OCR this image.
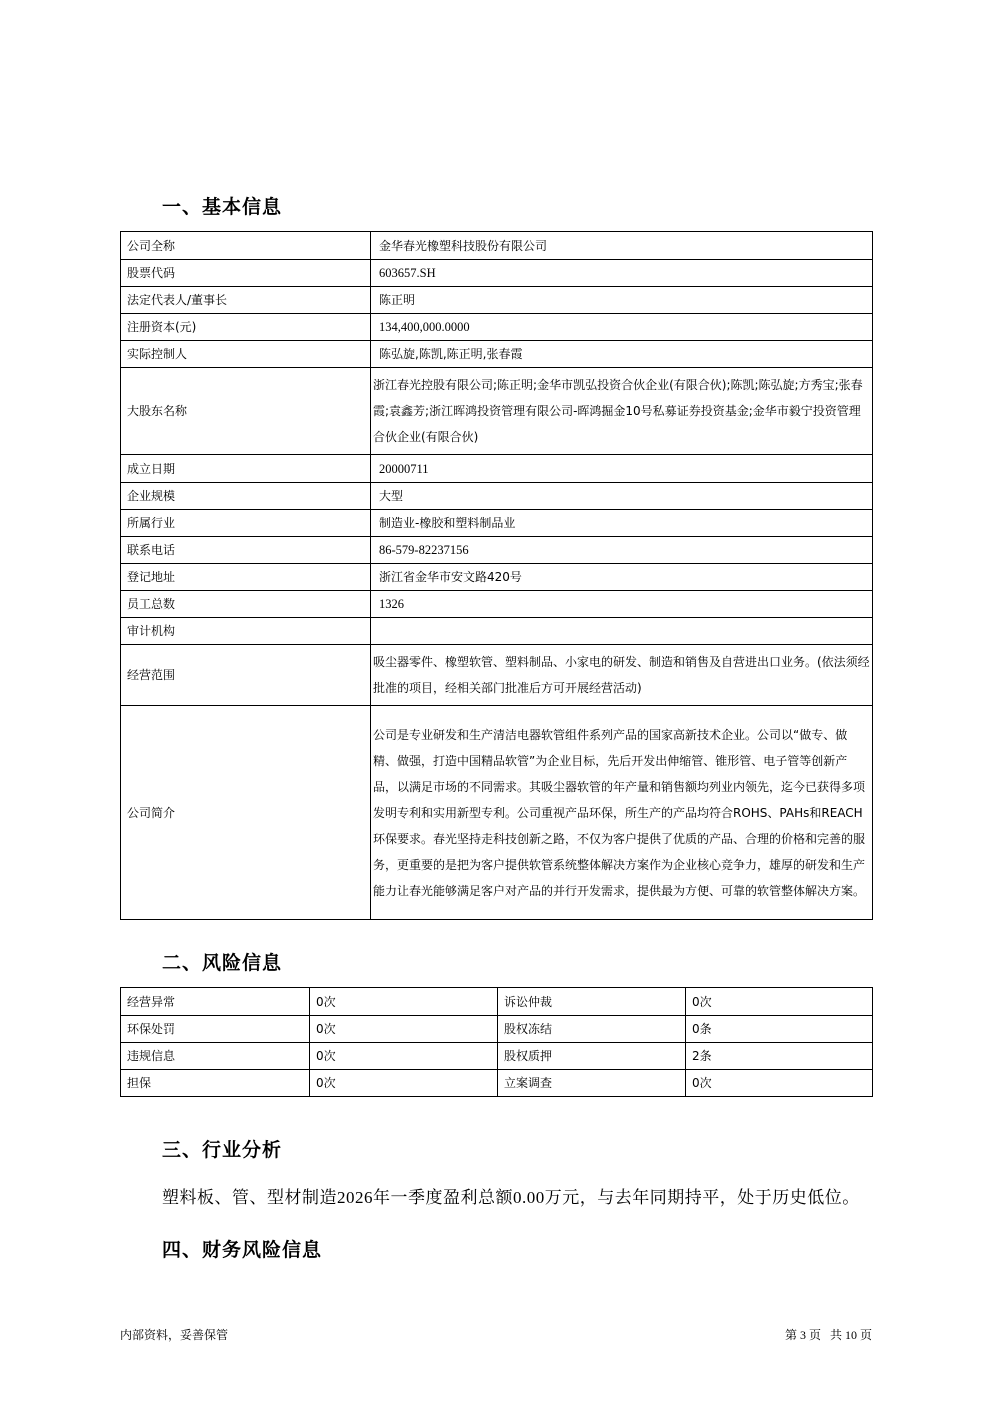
一、基本信息
公司全称	金华春光橡塑科技股份有限公司
股票代码	603657.SH
法定代表人/董事长	陈正明
注册资本(元)	134,400,000.0000
实际控制人	陈弘旋,陈凯,陈正明,张春霞
大股东名称	浙江春光控股有限公司;陈正明;金华市凯弘投资合伙企业(有限合伙);陈凯;陈弘旋;方秀宝;张春霞;袁鑫芳;浙江晖鸿投资管理有限公司-晖鸿掘金10号私募证券投资基金;金华市毅宁投资管理合伙企业(有限合伙)
成立日期	20000711
企业规模	大型
所属行业	制造业-橡胶和塑料制品业
联系电话	86-579-82237156
登记地址	浙江省金华市安文路420号
员工总数	1326
审计机构	
经营范围	吸尘器零件、橡塑软管、塑料制品、小家电的研发、制造和销售及自营进出口业务。(依法须经批准的项目，经相关部门批准后方可开展经营活动)
公司简介	公司是专业研发和生产清洁电器软管组件系列产品的国家高新技术企业。公司以“做专、做精、做强，打造中国精品软管”为企业目标，先后开发出伸缩管、锥形管、电子管等创新产品，以满足市场的不同需求。其吸尘器软管的年产量和销售额均列业内领先，迄今已获得多项发明专利和实用新型专利。公司重视产品环保，所生产的产品均符合ROHS、PAHs和REACH环保要求。春光坚持走科技创新之路，不仅为客户提供了优质的产品、合理的价格和完善的服务，更重要的是把为客户提供软管系统整体解决方案作为企业核心竞争力，雄厚的研发和生产能力让春光能够满足客户对产品的并行开发需求，提供最为方便、可靠的软管整体解决方案。
二、风险信息
经营异常	0次	诉讼仲裁	0次
环保处罚	0次	股权冻结	0条
违规信息	0次	股权质押	2条
担保	0次	立案调查	0次
三、行业分析

塑料板、管、型材制造2026年一季度盈利总额0.00万元，与去年同期持平，处于历史低位。

四、财务风险信息
内部资料，妥善保管	第 3 页   共 10 页
